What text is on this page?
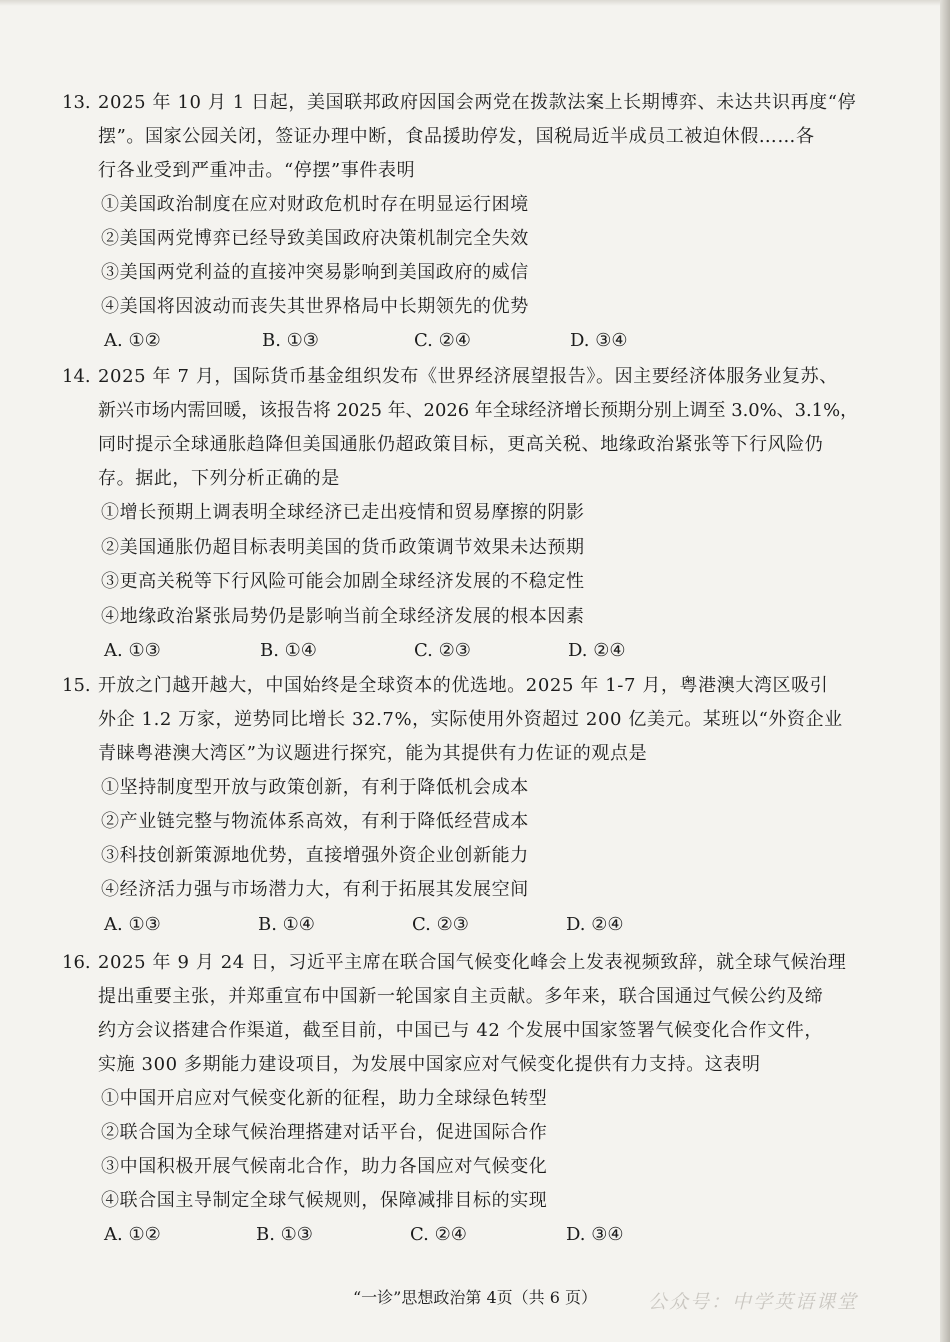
13. 2025 年 10 月 1 日起，美国联邦政府因国会两党在拨款法案上长期博弈、未达共识再度“停
摆”。国家公园关闭，签证办理中断，食品援助停发，国税局近半成员工被迫休假……各
行各业受到严重冲击。“停摆”事件表明
①美国政治制度在应对财政危机时存在明显运行困境
②美国两党博弈已经导致美国政府决策机制完全失效
③美国两党利益的直接冲突易影响到美国政府的威信
④美国将因波动而丧失其世界格局中长期领先的优势
A. ①②	B. ①③	C. ②④	D. ③④
14. 2025 年 7 月，国际货币基金组织发布《世界经济展望报告》。因主要经济体服务业复苏、
新兴市场内需回暖，该报告将 2025 年、2026 年全球经济增长预期分别上调至 3.0%、3.1%，
同时提示全球通胀趋降但美国通胀仍超政策目标，更高关税、地缘政治紧张等下行风险仍
存。据此，下列分析正确的是
①增长预期上调表明全球经济已走出疫情和贸易摩擦的阴影
②美国通胀仍超目标表明美国的货币政策调节效果未达预期
③更高关税等下行风险可能会加剧全球经济发展的不稳定性
④地缘政治紧张局势仍是影响当前全球经济发展的根本因素
A. ①③	B. ①④	C. ②③	D. ②④
15. 开放之门越开越大，中国始终是全球资本的优选地。2025 年 1-7 月，粤港澳大湾区吸引
外企 1.2 万家，逆势同比增长 32.7%，实际使用外资超过 200 亿美元。某班以“外资企业
青睐粤港澳大湾区”为议题进行探究，能为其提供有力佐证的观点是
①坚持制度型开放与政策创新，有利于降低机会成本
②产业链完整与物流体系高效，有利于降低经营成本
③科技创新策源地优势，直接增强外资企业创新能力
④经济活力强与市场潜力大，有利于拓展其发展空间
A. ①③	B. ①④	C. ②③	D. ②④
16. 2025 年 9 月 24 日，习近平主席在联合国气候变化峰会上发表视频致辞，就全球气候治理
提出重要主张，并郑重宣布中国新一轮国家自主贡献。多年来，联合国通过气候公约及缔
约方会议搭建合作渠道，截至目前，中国已与 42 个发展中国家签署气候变化合作文件，
实施 300 多期能力建设项目，为发展中国家应对气候变化提供有力支持。这表明
①中国开启应对气候变化新的征程，助力全球绿色转型
②联合国为全球气候治理搭建对话平台，促进国际合作
③中国积极开展气候南北合作，助力各国应对气候变化
④联合国主导制定全球气候规则，保障减排目标的实现
A. ①②	B. ①③	C. ②④	D. ③④
“一诊”思想政治第 4页（共 6 页）	公众号：中学英语课堂
